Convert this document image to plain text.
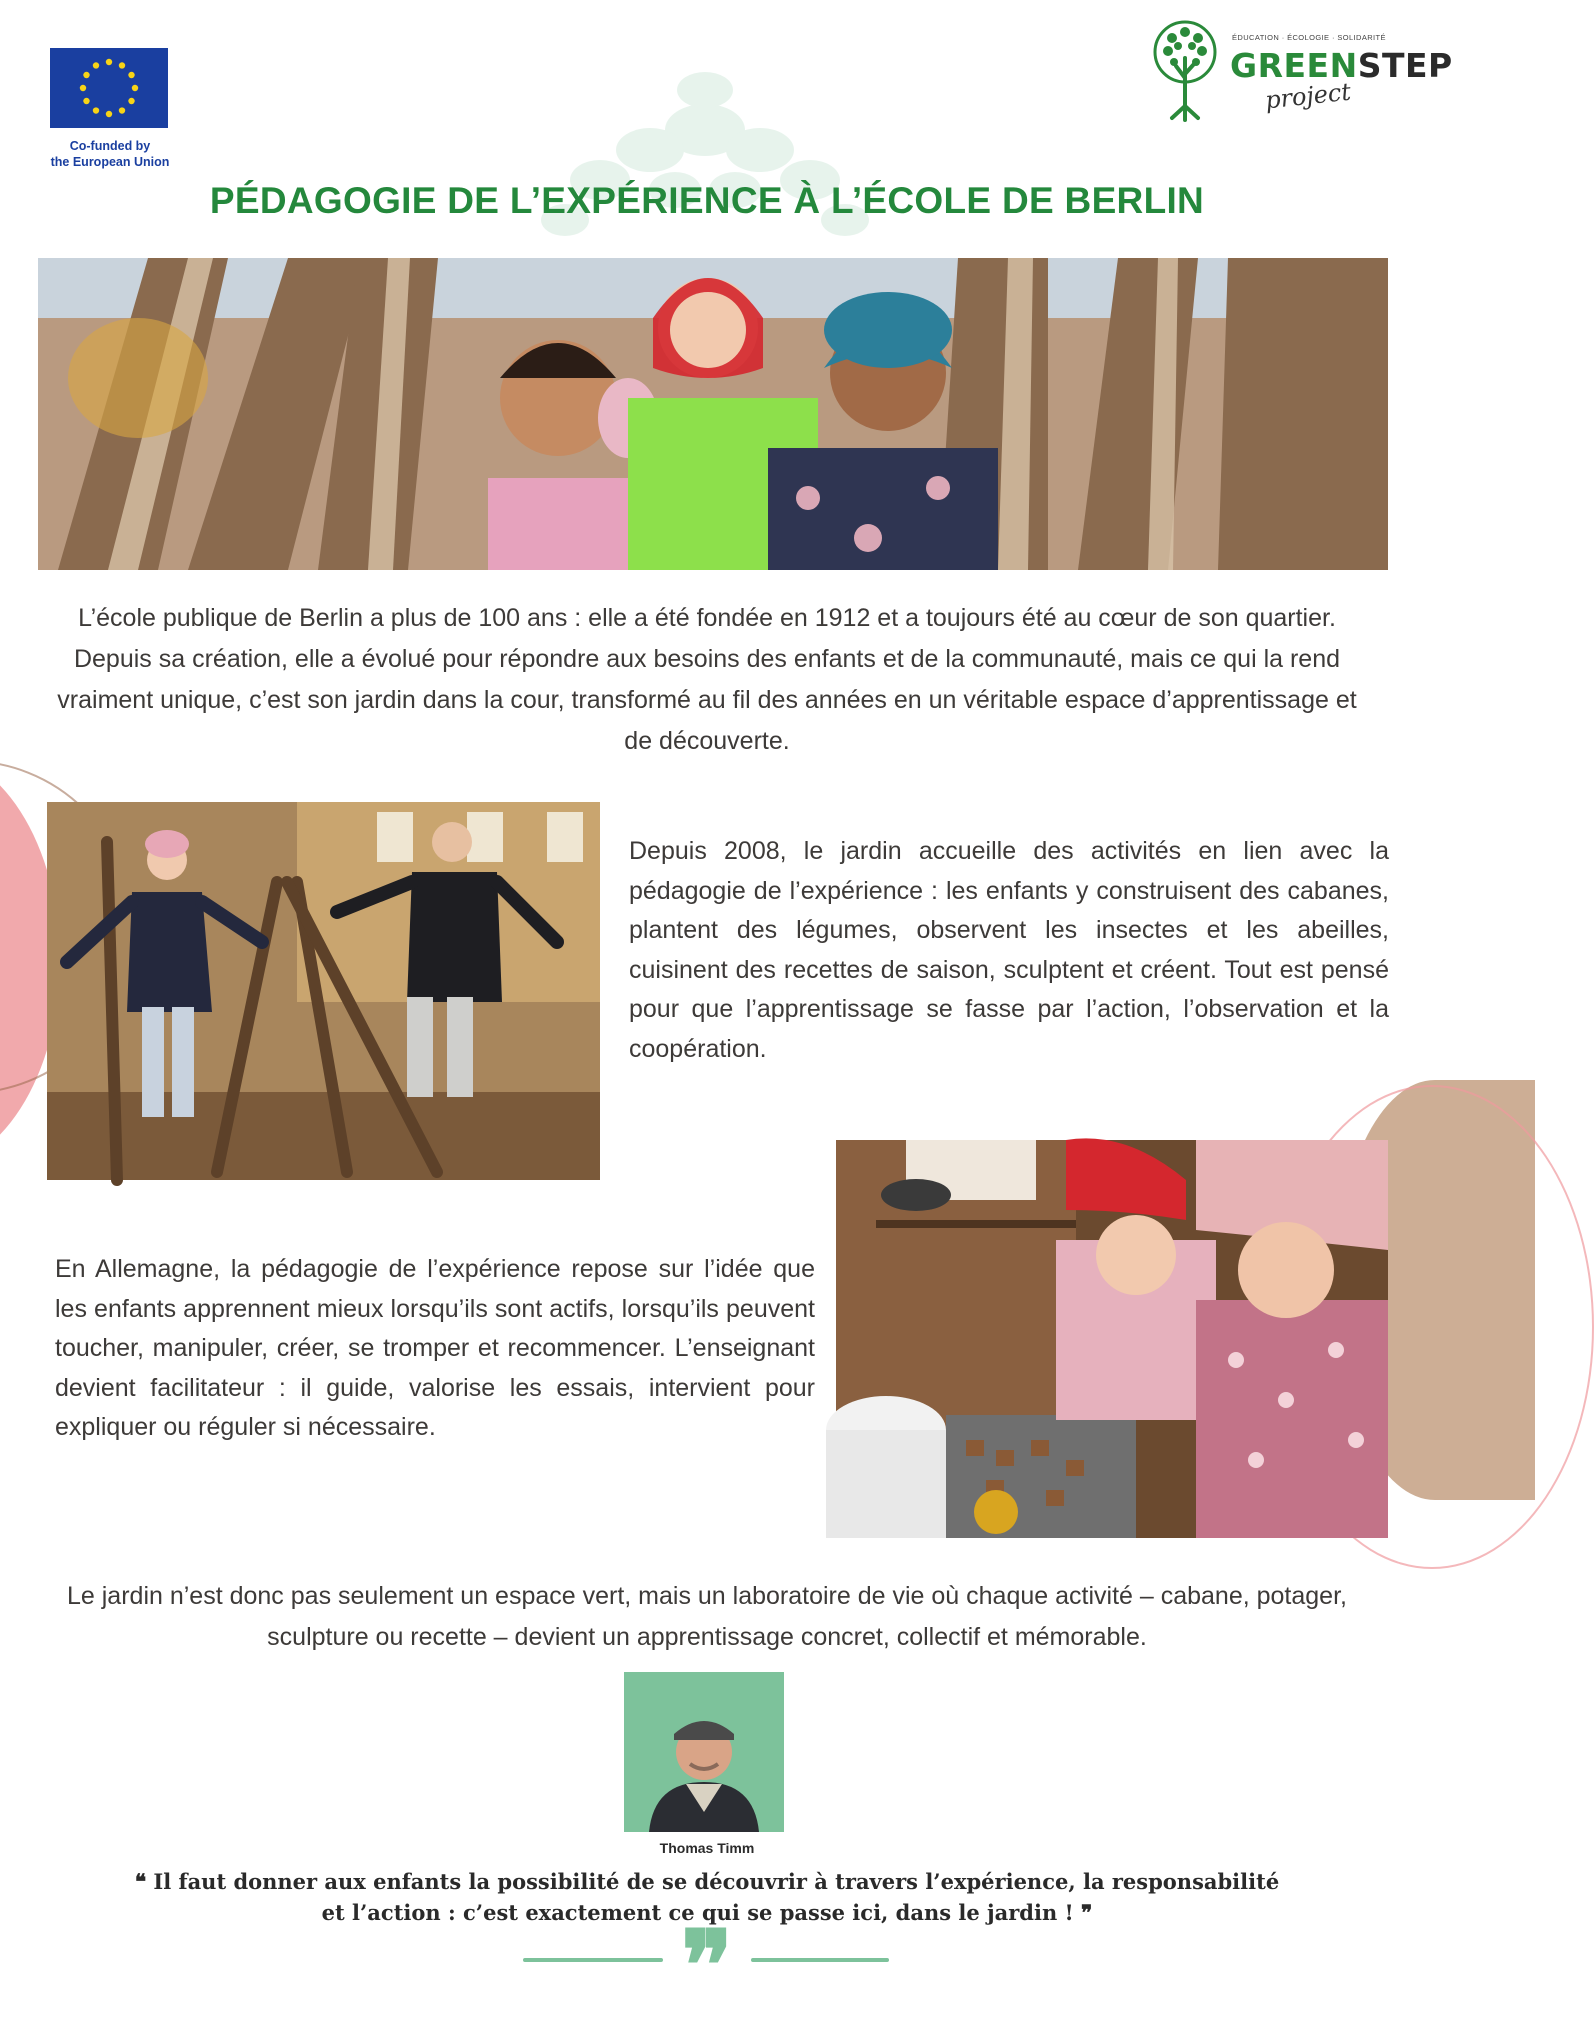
Co-funded by
the European Union
ÉDUCATION · ÉCOLOGIE · SOLIDARITÉ
GREENSTEP
project
PÉDAGOGIE DE L’EXPÉRIENCE À L’ÉCOLE DE BERLIN

L’école publique de Berlin a plus de 100 ans : elle a été fondée en 1912 et a toujours été au cœur de son quartier. Depuis sa création, elle a évolué pour répondre aux besoins des enfants et de la communauté, mais ce qui la rend vraiment unique, c’est son jardin dans la cour, transformé au fil des années en un véritable espace d’apprentissage et de découverte.

Depuis 2008, le jardin accueille des activités en lien avec la pédagogie de l’expérience : les enfants y construisent des cabanes, plantent des légumes, observent les insectes et les abeilles, cuisinent des recettes de saison, sculptent et créent. Tout est pensé pour que l’apprentissage se fasse par l’action, l’observation et la coopération.

En Allemagne, la pédagogie de l’expérience repose sur l’idée que les enfants apprennent mieux lorsqu’ils sont actifs, lorsqu’ils peuvent toucher, manipuler, créer, se tromper et recommencer. L’enseignant devient facilitateur : il guide, valorise les essais, intervient pour expliquer ou réguler si nécessaire.

Le jardin n’est donc pas seulement un espace vert, mais un laboratoire de vie où chaque activité – cabane, potager, sculpture ou recette – devient un apprentissage concret, collectif et mémorable.

Thomas Timm
❝ Il faut donner aux enfants la possibilité de se découvrir à travers l’expérience, la responsabilité
et l’action : c’est exactement ce qui se passe ici, dans le jardin ! ❞
❞
